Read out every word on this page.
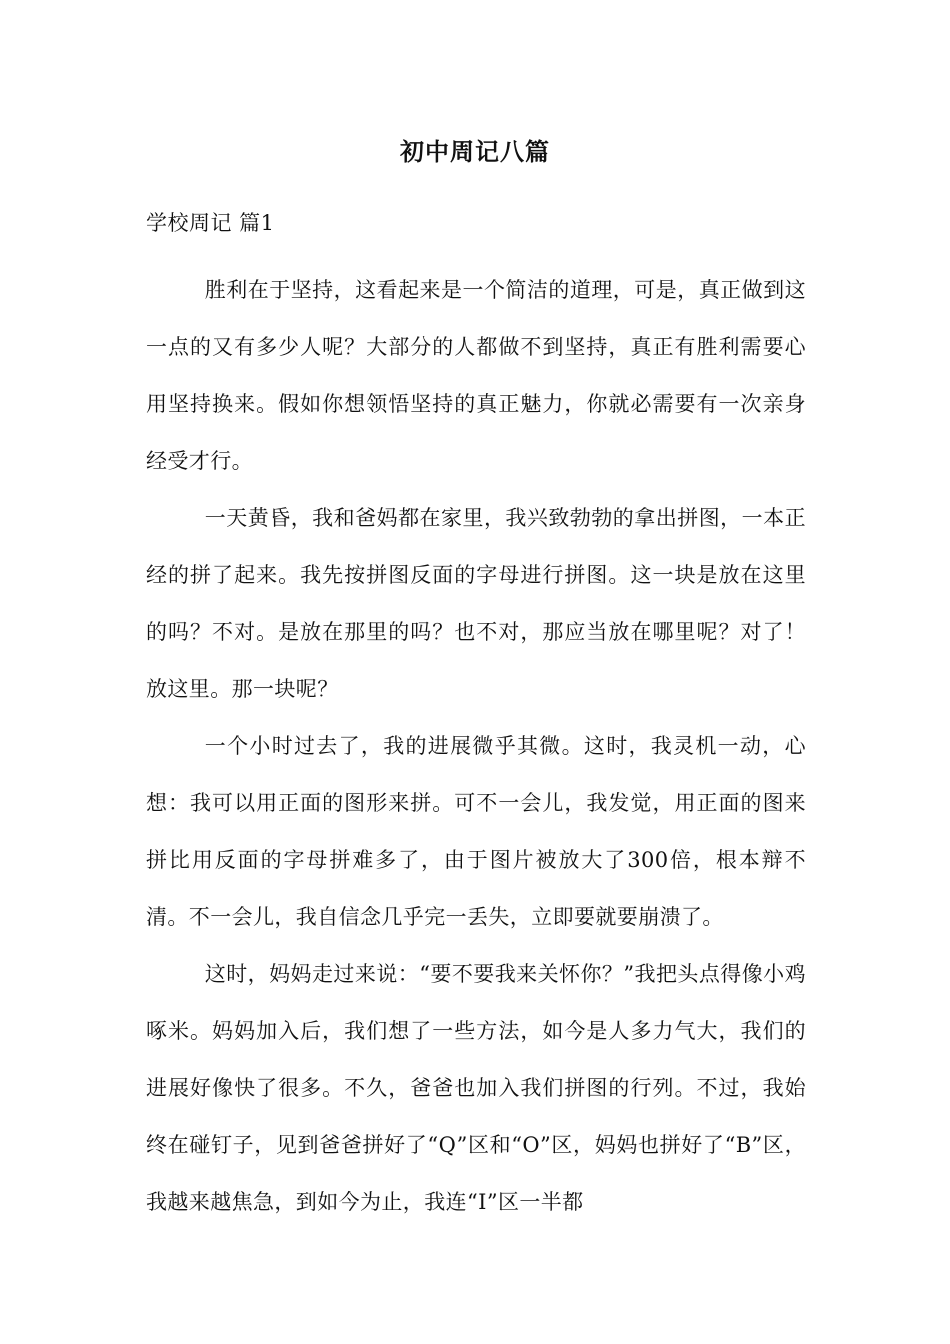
初中周记八篇
学校周记 篇1

胜利在于坚持，这看起来是一个简洁的道理，可是，真正做到这一点的又有多少人呢？大部分的人都做不到坚持，真正有胜利需要心用坚持换来。假如你想领悟坚持的真正魅力，你就必需要有一次亲身经受才行。

一天黄昏，我和爸妈都在家里，我兴致勃勃的拿出拼图，一本正经的拼了起来。我先按拼图反面的字母进行拼图。这一块是放在这里的吗？不对。是放在那里的吗？也不对，那应当放在哪里呢？对了！放这里。那一块呢？

一个小时过去了，我的进展微乎其微。这时，我灵机一动，心想：我可以用正面的图形来拼。可不一会儿，我发觉，用正面的图来拼比用反面的字母拼难多了，由于图片被放大了300倍，根本辩不清。不一会儿，我自信念几乎完一丢失，立即要就要崩溃了。

这时，妈妈走过来说：“要不要我来关怀你？”我把头点得像小鸡啄米。妈妈加入后，我们想了一些方法，如今是人多力气大，我们的进展好像快了很多。不久，爸爸也加入我们拼图的行列。不过，我始终在碰钉子，见到爸爸拼好了“Q”区和“O”区，妈妈也拼好了“B”区，我越来越焦急，到如今为止，我连“I”区一半都
